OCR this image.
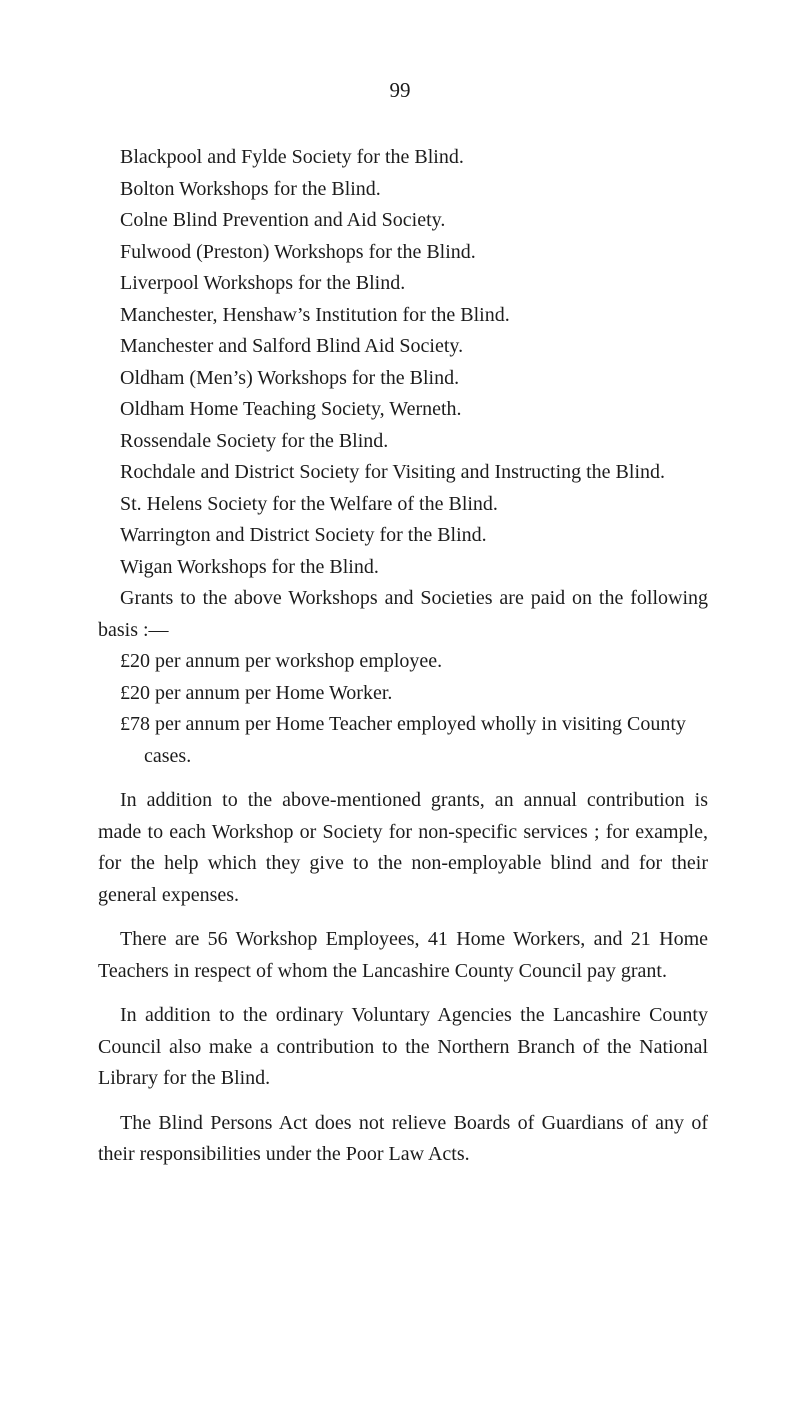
99
Blackpool and Fylde Society for the Blind.
Bolton Workshops for the Blind.
Colne Blind Prevention and Aid Society.
Fulwood (Preston) Workshops for the Blind.
Liverpool Workshops for the Blind.
Manchester, Henshaw’s Institution for the Blind.
Manchester and Salford Blind Aid Society.
Oldham (Men’s) Workshops for the Blind.
Oldham Home Teaching Society, Werneth.
Rossendale Society for the Blind.
Rochdale and District Society for Visiting and Instructing the Blind.
St. Helens Society for the Welfare of the Blind.
Warrington and District Society for the Blind.
Wigan Workshops for the Blind.

Grants to the above Workshops and Societies are paid on the following basis :—

£20 per annum per workshop employee.
£20 per annum per Home Worker.
£78 per annum per Home Teacher employed wholly in visiting County cases.

In addition to the above-mentioned grants, an annual contribution is made to each Workshop or Society for non-specific services ; for example, for the help which they give to the non-employable blind and for their general expenses.

There are 56 Workshop Employees, 41 Home Workers, and 21 Home Teachers in respect of whom the Lancashire County Council pay grant.

In addition to the ordinary Voluntary Agencies the Lancashire County Council also make a contribution to the Northern Branch of the National Library for the Blind.

The Blind Persons Act does not relieve Boards of Guardians of any of their responsibilities under the Poor Law Acts.
